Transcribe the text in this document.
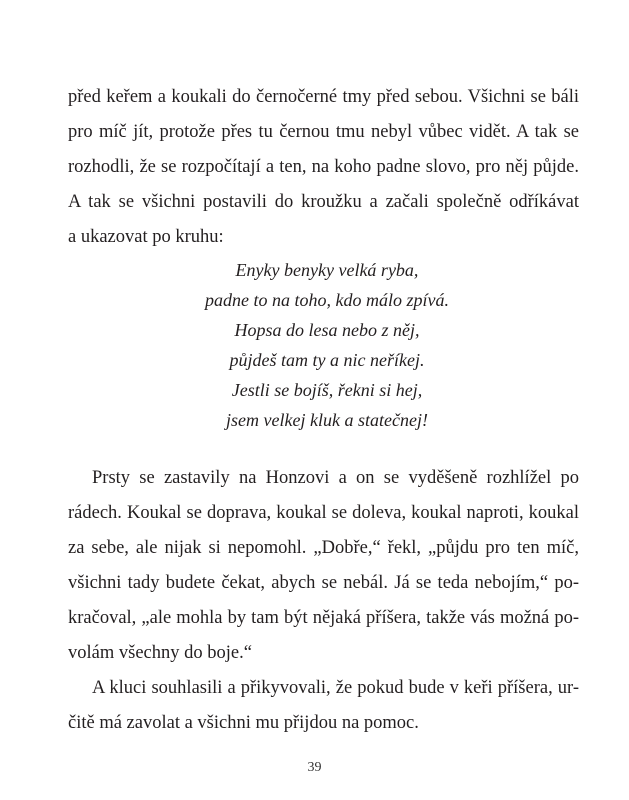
před keřem a koukali do černočerné tmy před sebou. Všichni se báli
pro míč jít, protože přes tu černou tmu nebyl vůbec vidět. A tak se
rozhodli, že se rozpočítají a ten, na koho padne slovo, pro něj půjde.
A tak se všichni postavili do kroužku a začali společně odříkávat
a ukazovat po kruhu:
Enyky benyky velká ryba,
padne to na toho, kdo málo zpívá.
Hopsa do lesa nebo z něj,
půjdeš tam ty a nic neříkej.
Jestli se bojíš, řekni si hej,
jsem velkej kluk a statečnej!
Prsty se zastavily na Honzovi a on se vyděšeně rozhlížel po
rádech. Koukal se doprava, koukal se doleva, koukal naproti, koukal
za sebe, ale nijak si nepomohl. „Dobře,“ řekl, „půjdu pro ten míč,
všichni tady budete čekat, abych se nebál. Já se teda nebojím,“ po-
kračoval, „ale mohla by tam být nějaká příšera, takže vás možná po-
volám všechny do boje.“
A kluci souhlasili a přikyvovali, že pokud bude v keři příšera, ur-
čitě má zavolat a všichni mu přijdou na pomoc.
39
